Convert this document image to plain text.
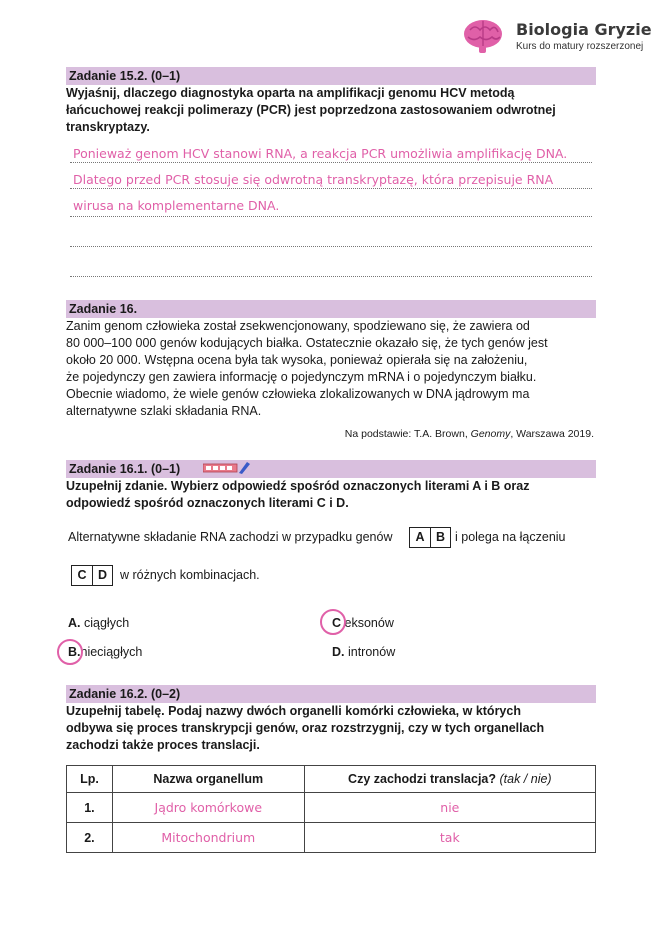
Biologia Gryzie
Kurs do matury rozszerzonej
Zadanie 15.2. (0–1)
Wyjaśnij, dlaczego diagnostyka oparta na amplifikacji genomu HCV metodą
łańcuchowej reakcji polimerazy (PCR) jest poprzedzona zastosowaniem odwrotnej
transkryptazy.
Ponieważ genom HCV stanowi RNA, a reakcja PCR umożliwia amplifikację DNA.
Dlatego przed PCR stosuje się odwrotną transkryptazę, która przepisuje RNA
wirusa na komplementarne DNA.
Zadanie 16.
Zanim genom człowieka został zsekwencjonowany, spodziewano się, że zawiera od
80 000–100 000 genów kodujących białka. Ostatecznie okazało się, że tych genów jest
około 20 000. Wstępna ocena była tak wysoka, ponieważ opierała się na założeniu,
że pojedynczy gen zawiera informację o pojedynczym mRNA i o pojedynczym białku.
Obecnie wiadomo, że wiele genów człowieka zlokalizowanych w DNA jądrowym ma
alternatywne szlaki składania RNA.
Na podstawie: T.A. Brown, Genomy, Warszawa 2019.
Zadanie 16.1. (0–1)
Uzupełnij zdanie. Wybierz odpowiedź spośród oznaczonych literami A i B oraz
odpowiedź spośród oznaczonych literami C i D.
Alternatywne składanie RNA zachodzi w przypadku genów	A B i polega na łączeniu
C D	w różnych kombinacjach.
A. ciągłych
B.nieciągłych
C eksonów
D. intronów
Zadanie 16.2. (0–2)
Uzupełnij tabelę. Podaj nazwy dwóch organelli komórki człowieka, w których
odbywa się proces transkrypcji genów, oraz rozstrzygnij, czy w tych organellach
zachodzi także proces translacji.
Lp.	Nazwa organellum	Czy zachodzi translacja? (tak / nie)
1.	Jądro komórkowe	nie
2.	Mitochondrium	tak
